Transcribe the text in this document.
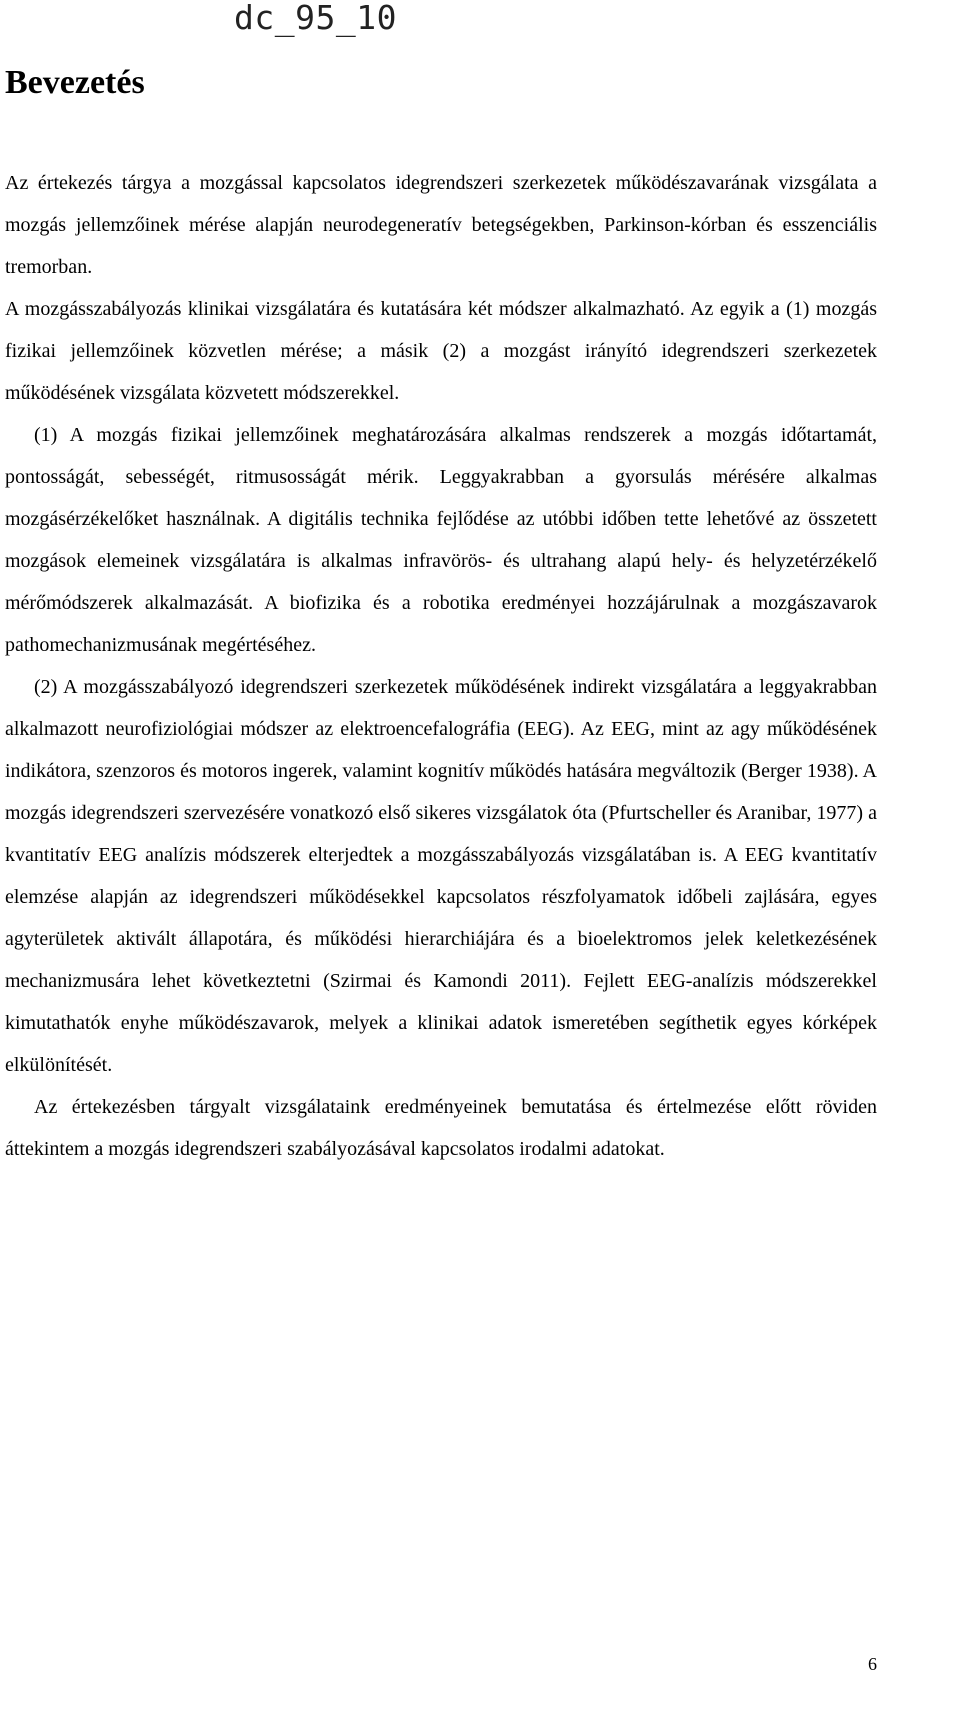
dc_95_10

Bevezetés

Az értekezés tárgya a mozgással kapcsolatos idegrendszeri szerkezetek működészavarának vizsgálata a mozgás jellemzőinek mérése alapján neurodegeneratív betegségekben, Parkinson-kórban és esszenciális tremorban.

A mozgásszabályozás klinikai vizsgálatára és kutatására két módszer alkalmazható. Az egyik a (1) mozgás fizikai jellemzőinek közvetlen mérése; a másik (2) a mozgást irányító idegrendszeri szerkezetek működésének vizsgálata közvetett módszerekkel.

(1) A mozgás fizikai jellemzőinek meghatározására alkalmas rendszerek a mozgás időtartamát, pontosságát, sebességét, ritmusosságát mérik. Leggyakrabban a gyorsulás mérésére alkalmas mozgásérzékelőket használnak. A digitális technika fejlődése az utóbbi időben tette lehetővé az összetett mozgások elemeinek vizsgálatára is alkalmas infravörös- és ultrahang alapú hely- és helyzetérzékelő mérőmódszerek alkalmazását. A biofizika és a robotika eredményei hozzájárulnak a mozgászavarok pathomechanizmusának megértéséhez.

(2) A mozgásszabályozó idegrendszeri szerkezetek működésének indirekt vizsgálatára a leggyakrabban alkalmazott neurofiziológiai módszer az elektroencefalográfia (EEG). Az EEG, mint az agy működésének indikátora, szenzoros és motoros ingerek, valamint kognitív működés hatására megváltozik (Berger 1938). A mozgás idegrendszeri szervezésére vonatkozó első sikeres vizsgálatok óta (Pfurtscheller és Aranibar, 1977) a kvantitatív EEG analízis módszerek elterjedtek a mozgásszabályozás vizsgálatában is. A EEG kvantitatív elemzése alapján az idegrendszeri működésekkel kapcsolatos részfolyamatok időbeli zajlására, egyes agyterületek aktivált állapotára, és működési hierarchiájára és a bioelektromos jelek keletkezésének mechanizmusára lehet következtetni (Szirmai és Kamondi 2011). Fejlett EEG-analízis módszerekkel kimutathatók enyhe működészavarok, melyek a klinikai adatok ismeretében segíthetik egyes kórképek elkülönítését.

Az értekezésben tárgyalt vizsgálataink eredményeinek bemutatása és értelmezése előtt röviden áttekintem a mozgás idegrendszeri szabályozásával kapcsolatos irodalmi adatokat.

6
